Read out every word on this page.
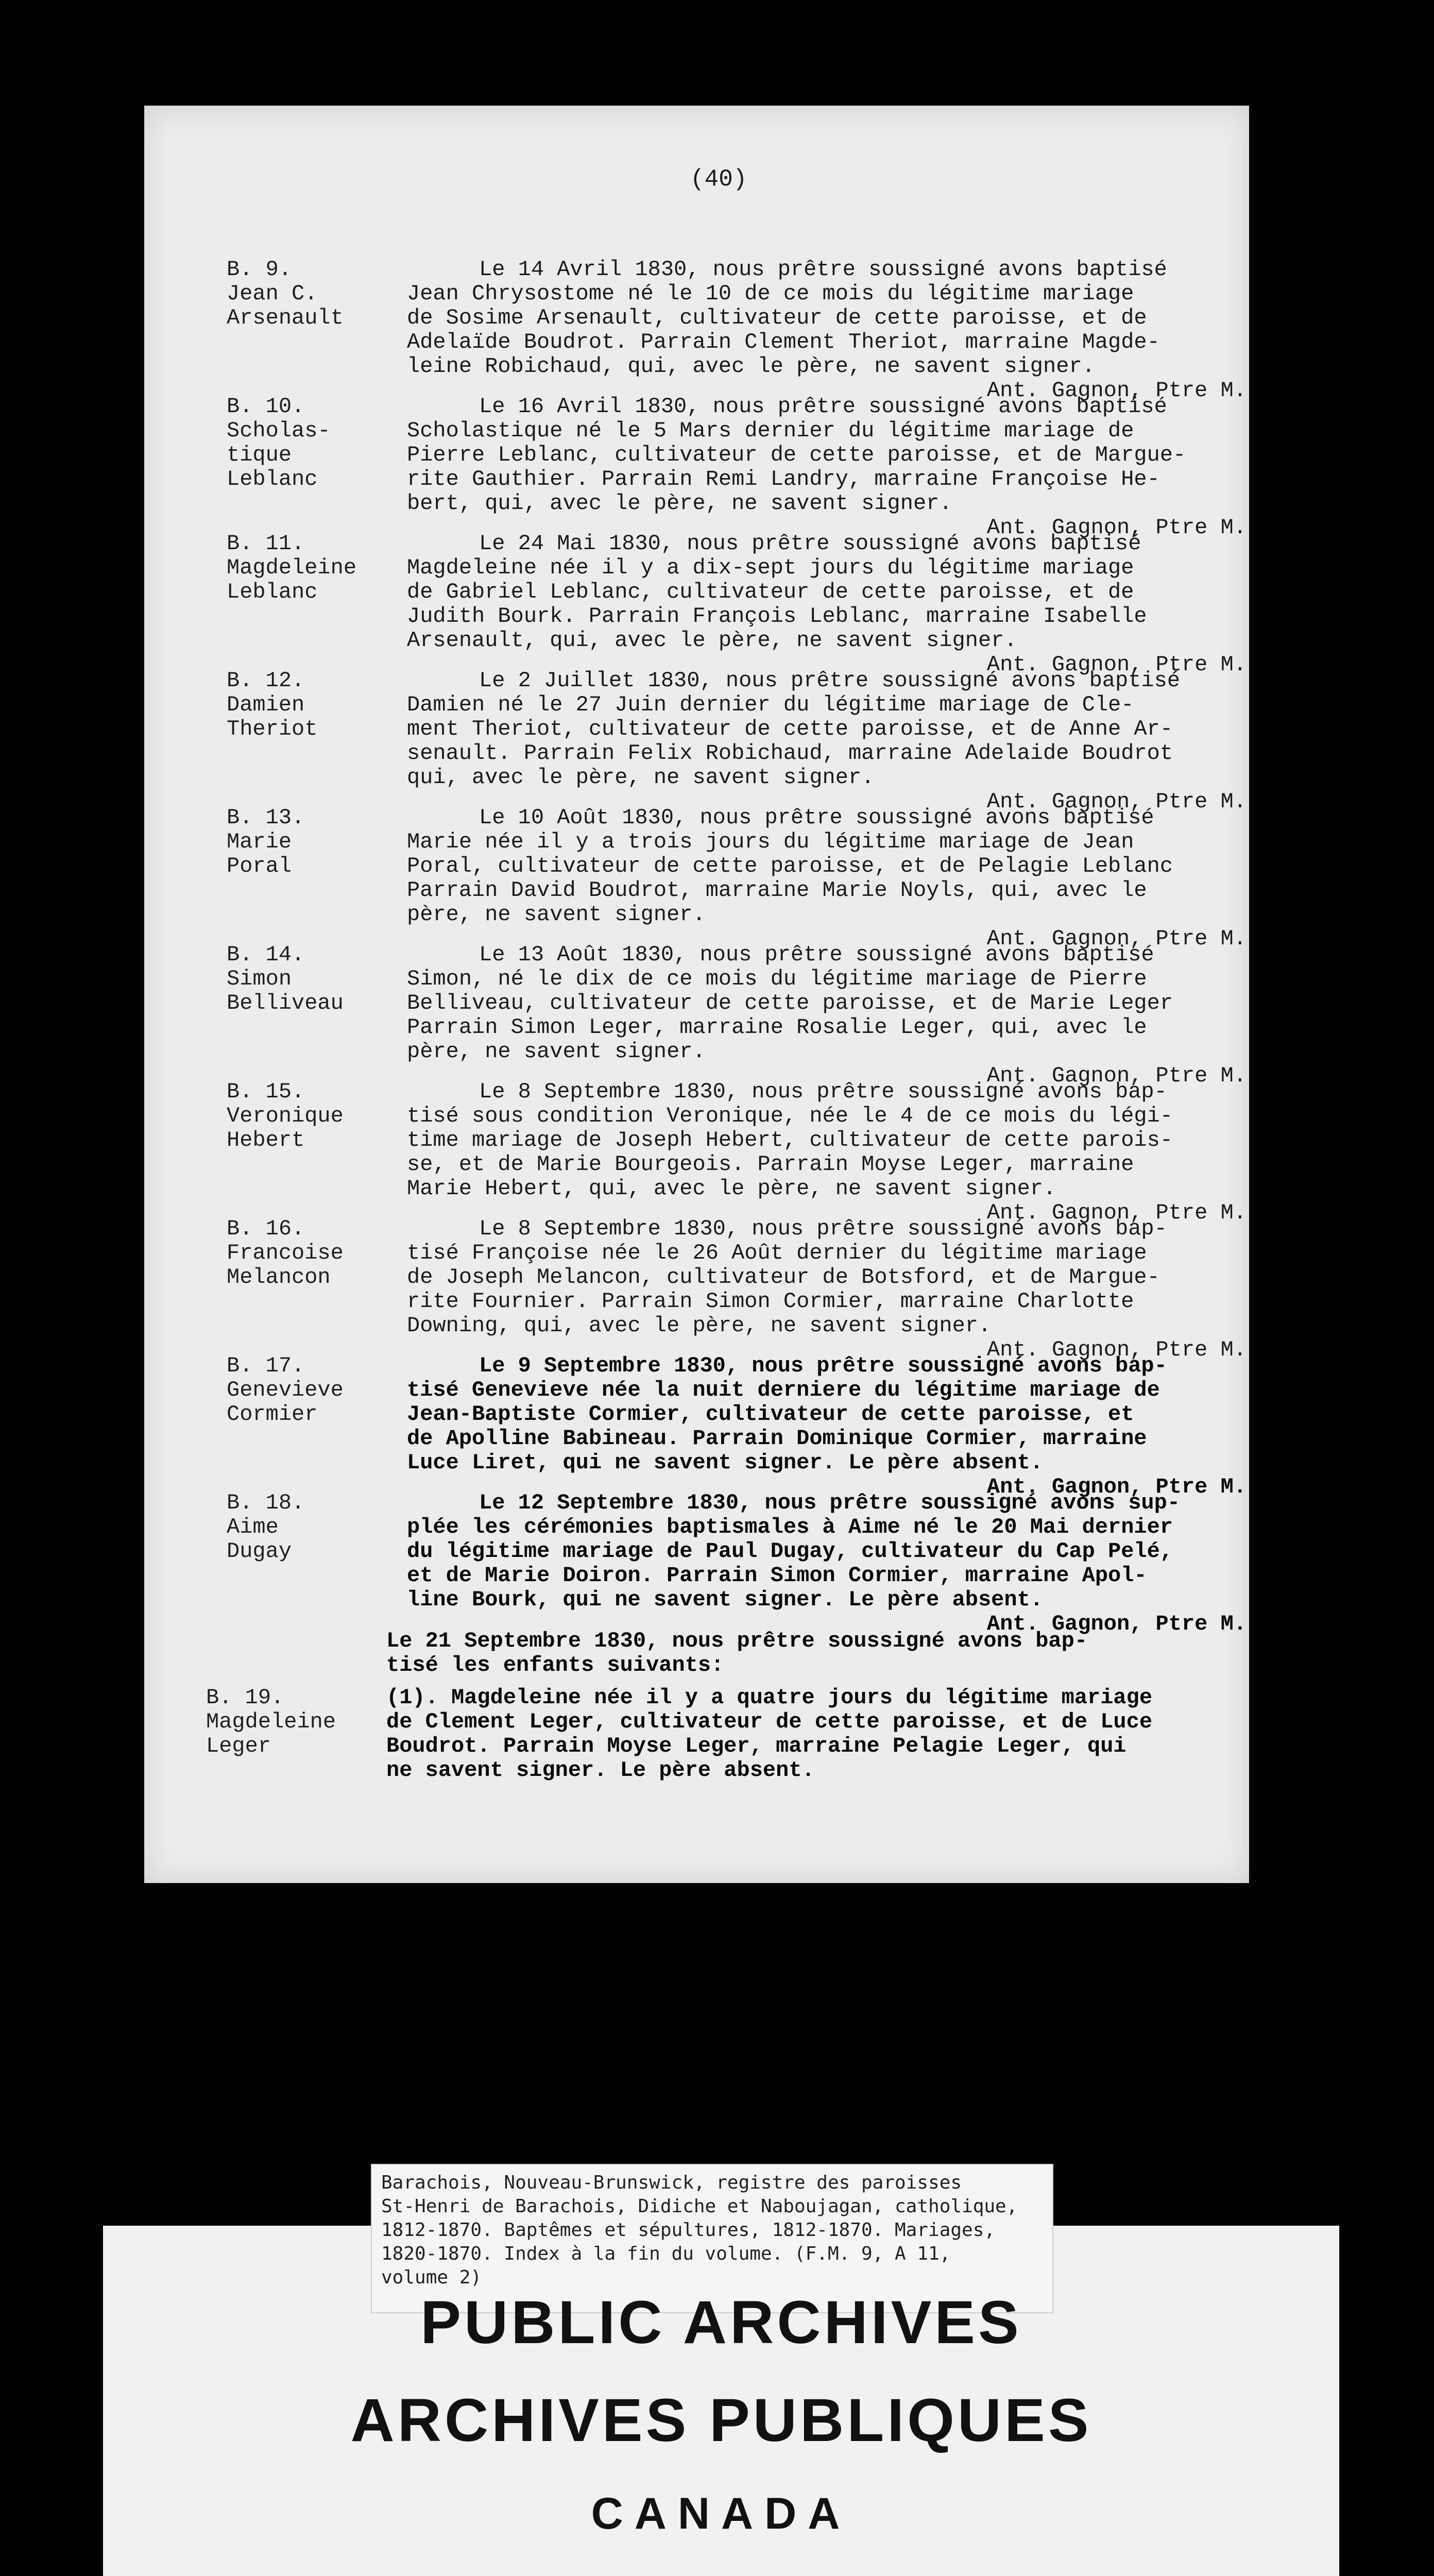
(40)
B. 9.
Jean C.
Arsenault
Le 14 Avril 1830, nous prêtre soussigné avons baptisé
Jean Chrysostome né le 10 de ce mois du légitime mariage
de Sosime Arsenault, cultivateur de cette paroisse, et de
Adelaïde Boudrot. Parrain Clement Theriot, marraine Magde-
leine Robichaud, qui, avec le père, ne savent signer.
Ant. Gagnon, Ptre M.
B. 10.
Scholas-
tique
Leblanc
Le 16 Avril 1830, nous prêtre soussigné avons baptisé
Scholastique né le 5 Mars dernier du légitime mariage de
Pierre Leblanc, cultivateur de cette paroisse, et de Margue-
rite Gauthier. Parrain Remi Landry, marraine Françoise He-
bert, qui, avec le père, ne savent signer.
Ant. Gagnon, Ptre M.
B. 11.
Magdeleine
Leblanc
Le 24 Mai 1830, nous prêtre soussigné avons baptisé
Magdeleine née il y a dix-sept jours du légitime mariage
de Gabriel Leblanc, cultivateur de cette paroisse, et de
Judith Bourk. Parrain François Leblanc, marraine Isabelle
Arsenault, qui, avec le père, ne savent signer.
Ant. Gagnon, Ptre M.
B. 12.
Damien
Theriot
Le 2 Juillet 1830, nous prêtre soussigné avons baptisé
Damien né le 27 Juin dernier du légitime mariage de Cle-
ment Theriot, cultivateur de cette paroisse, et de Anne Ar-
senault. Parrain Felix Robichaud, marraine Adelaide Boudrot
qui, avec le père, ne savent signer.
Ant. Gagnon, Ptre M.
B. 13.
Marie
Poral
Le 10 Août 1830, nous prêtre soussigné avons baptisé
Marie née il y a trois jours du légitime mariage de Jean
Poral, cultivateur de cette paroisse, et de Pelagie Leblanc
Parrain David Boudrot, marraine Marie Noyls, qui, avec le
père, ne savent signer.
Ant. Gagnon, Ptre M.
B. 14.
Simon
Belliveau
Le 13 Août 1830, nous prêtre soussigné avons baptisé
Simon, né le dix de ce mois du légitime mariage de Pierre
Belliveau, cultivateur de cette paroisse, et de Marie Leger
Parrain Simon Leger, marraine Rosalie Leger, qui, avec le
père, ne savent signer.
Ant. Gagnon, Ptre M.
B. 15.
Veronique
Hebert
Le 8 Septembre 1830, nous prêtre soussigné avons bap-
tisé sous condition Veronique, née le 4 de ce mois du légi-
time mariage de Joseph Hebert, cultivateur de cette parois-
se, et de Marie Bourgeois. Parrain Moyse Leger, marraine
Marie Hebert, qui, avec le père, ne savent signer.
Ant. Gagnon, Ptre M.
B. 16.
Francoise
Melancon
Le 8 Septembre 1830, nous prêtre soussigné avons bap-
tisé Françoise née le 26 Août dernier du légitime mariage
de Joseph Melancon, cultivateur de Botsford, et de Margue-
rite Fournier. Parrain Simon Cormier, marraine Charlotte
Downing, qui, avec le père, ne savent signer.
Ant. Gagnon, Ptre M.
B. 17.
Genevieve
Cormier
Le 9 Septembre 1830, nous prêtre soussigné avons bap-
tisé Genevieve née la nuit derniere du légitime mariage de
Jean-Baptiste Cormier, cultivateur de cette paroisse, et
de Apolline Babineau. Parrain Dominique Cormier, marraine
Luce Liret, qui ne savent signer. Le père absent.
Ant. Gagnon, Ptre M.
B. 18.
Aime
Dugay
Le 12 Septembre 1830, nous prêtre soussigné avons sup-
plée les cérémonies baptismales à Aime né le 20 Mai dernier
du légitime mariage de Paul Dugay, cultivateur du Cap Pelé,
et de Marie Doiron. Parrain Simon Cormier, marraine Apol-
line Bourk, qui ne savent signer. Le père absent.
Ant. Gagnon, Ptre M.
Le 21 Septembre 1830, nous prêtre soussigné avons bap-
tisé les enfants suivants:
B. 19.
Magdeleine
Leger
(1). Magdeleine née il y a quatre jours du légitime mariage
de Clement Leger, cultivateur de cette paroisse, et de Luce
Boudrot. Parrain Moyse Leger, marraine Pelagie Leger, qui
ne savent signer. Le père absent.
Barachois, Nouveau-Brunswick, registre des paroisses
St-Henri de Barachois, Didiche et Naboujagan, catholique,
1812-1870. Baptêmes et sépultures, 1812-1870. Mariages,
1820-1870. Index à la fin du volume. (F.M. 9, A 11,
volume 2)
PUBLIC ARCHIVES
ARCHIVES PUBLIQUES
CANADA
